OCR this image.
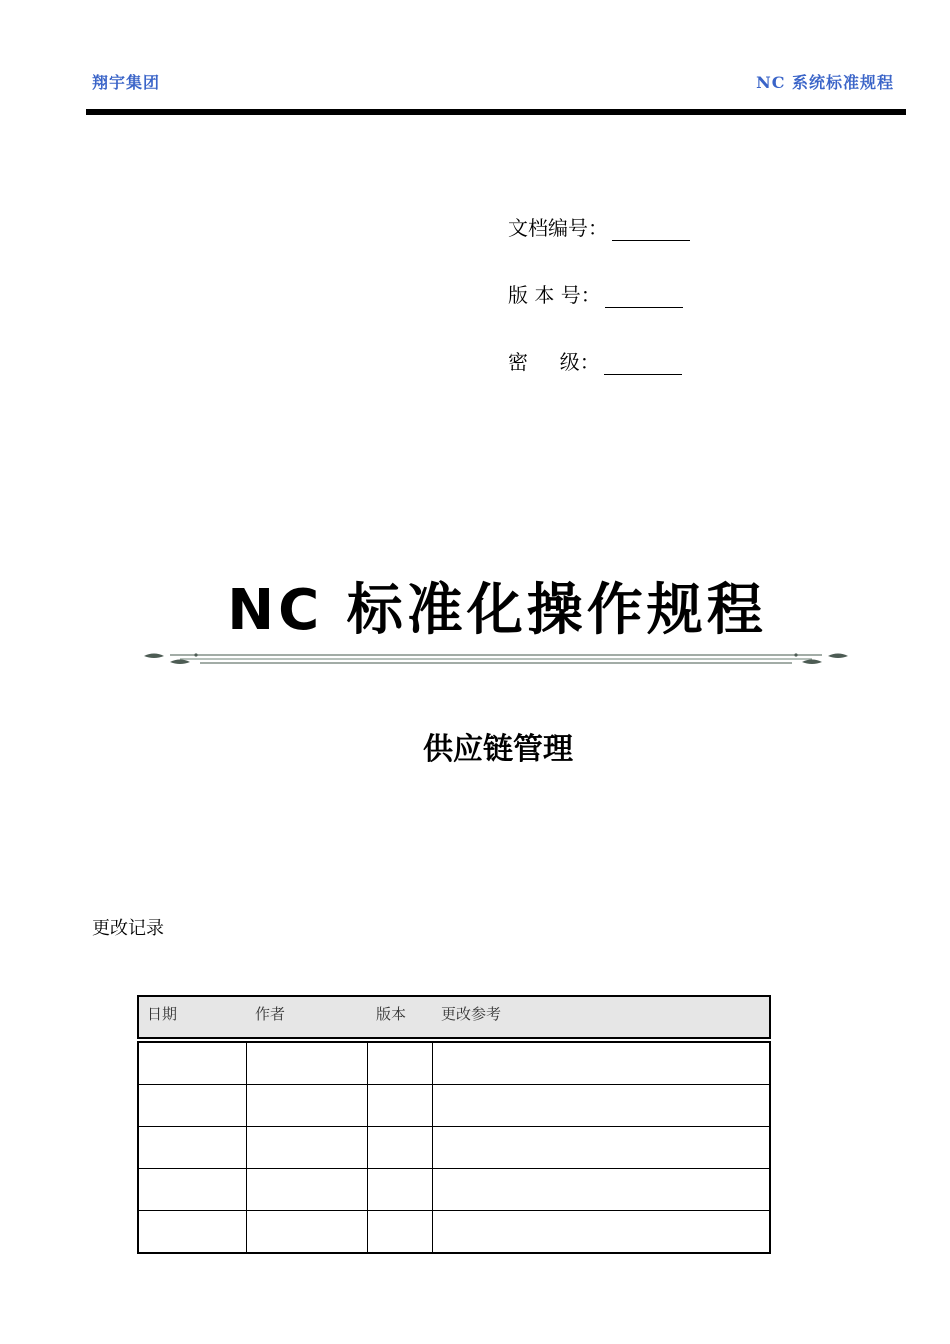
翔宇集团	NC 系统标准规程
文档编号：
版 本 号：
密     级：
NC 标准化操作规程
供应链管理
更改记录
日期	作者	版本 更改参考
